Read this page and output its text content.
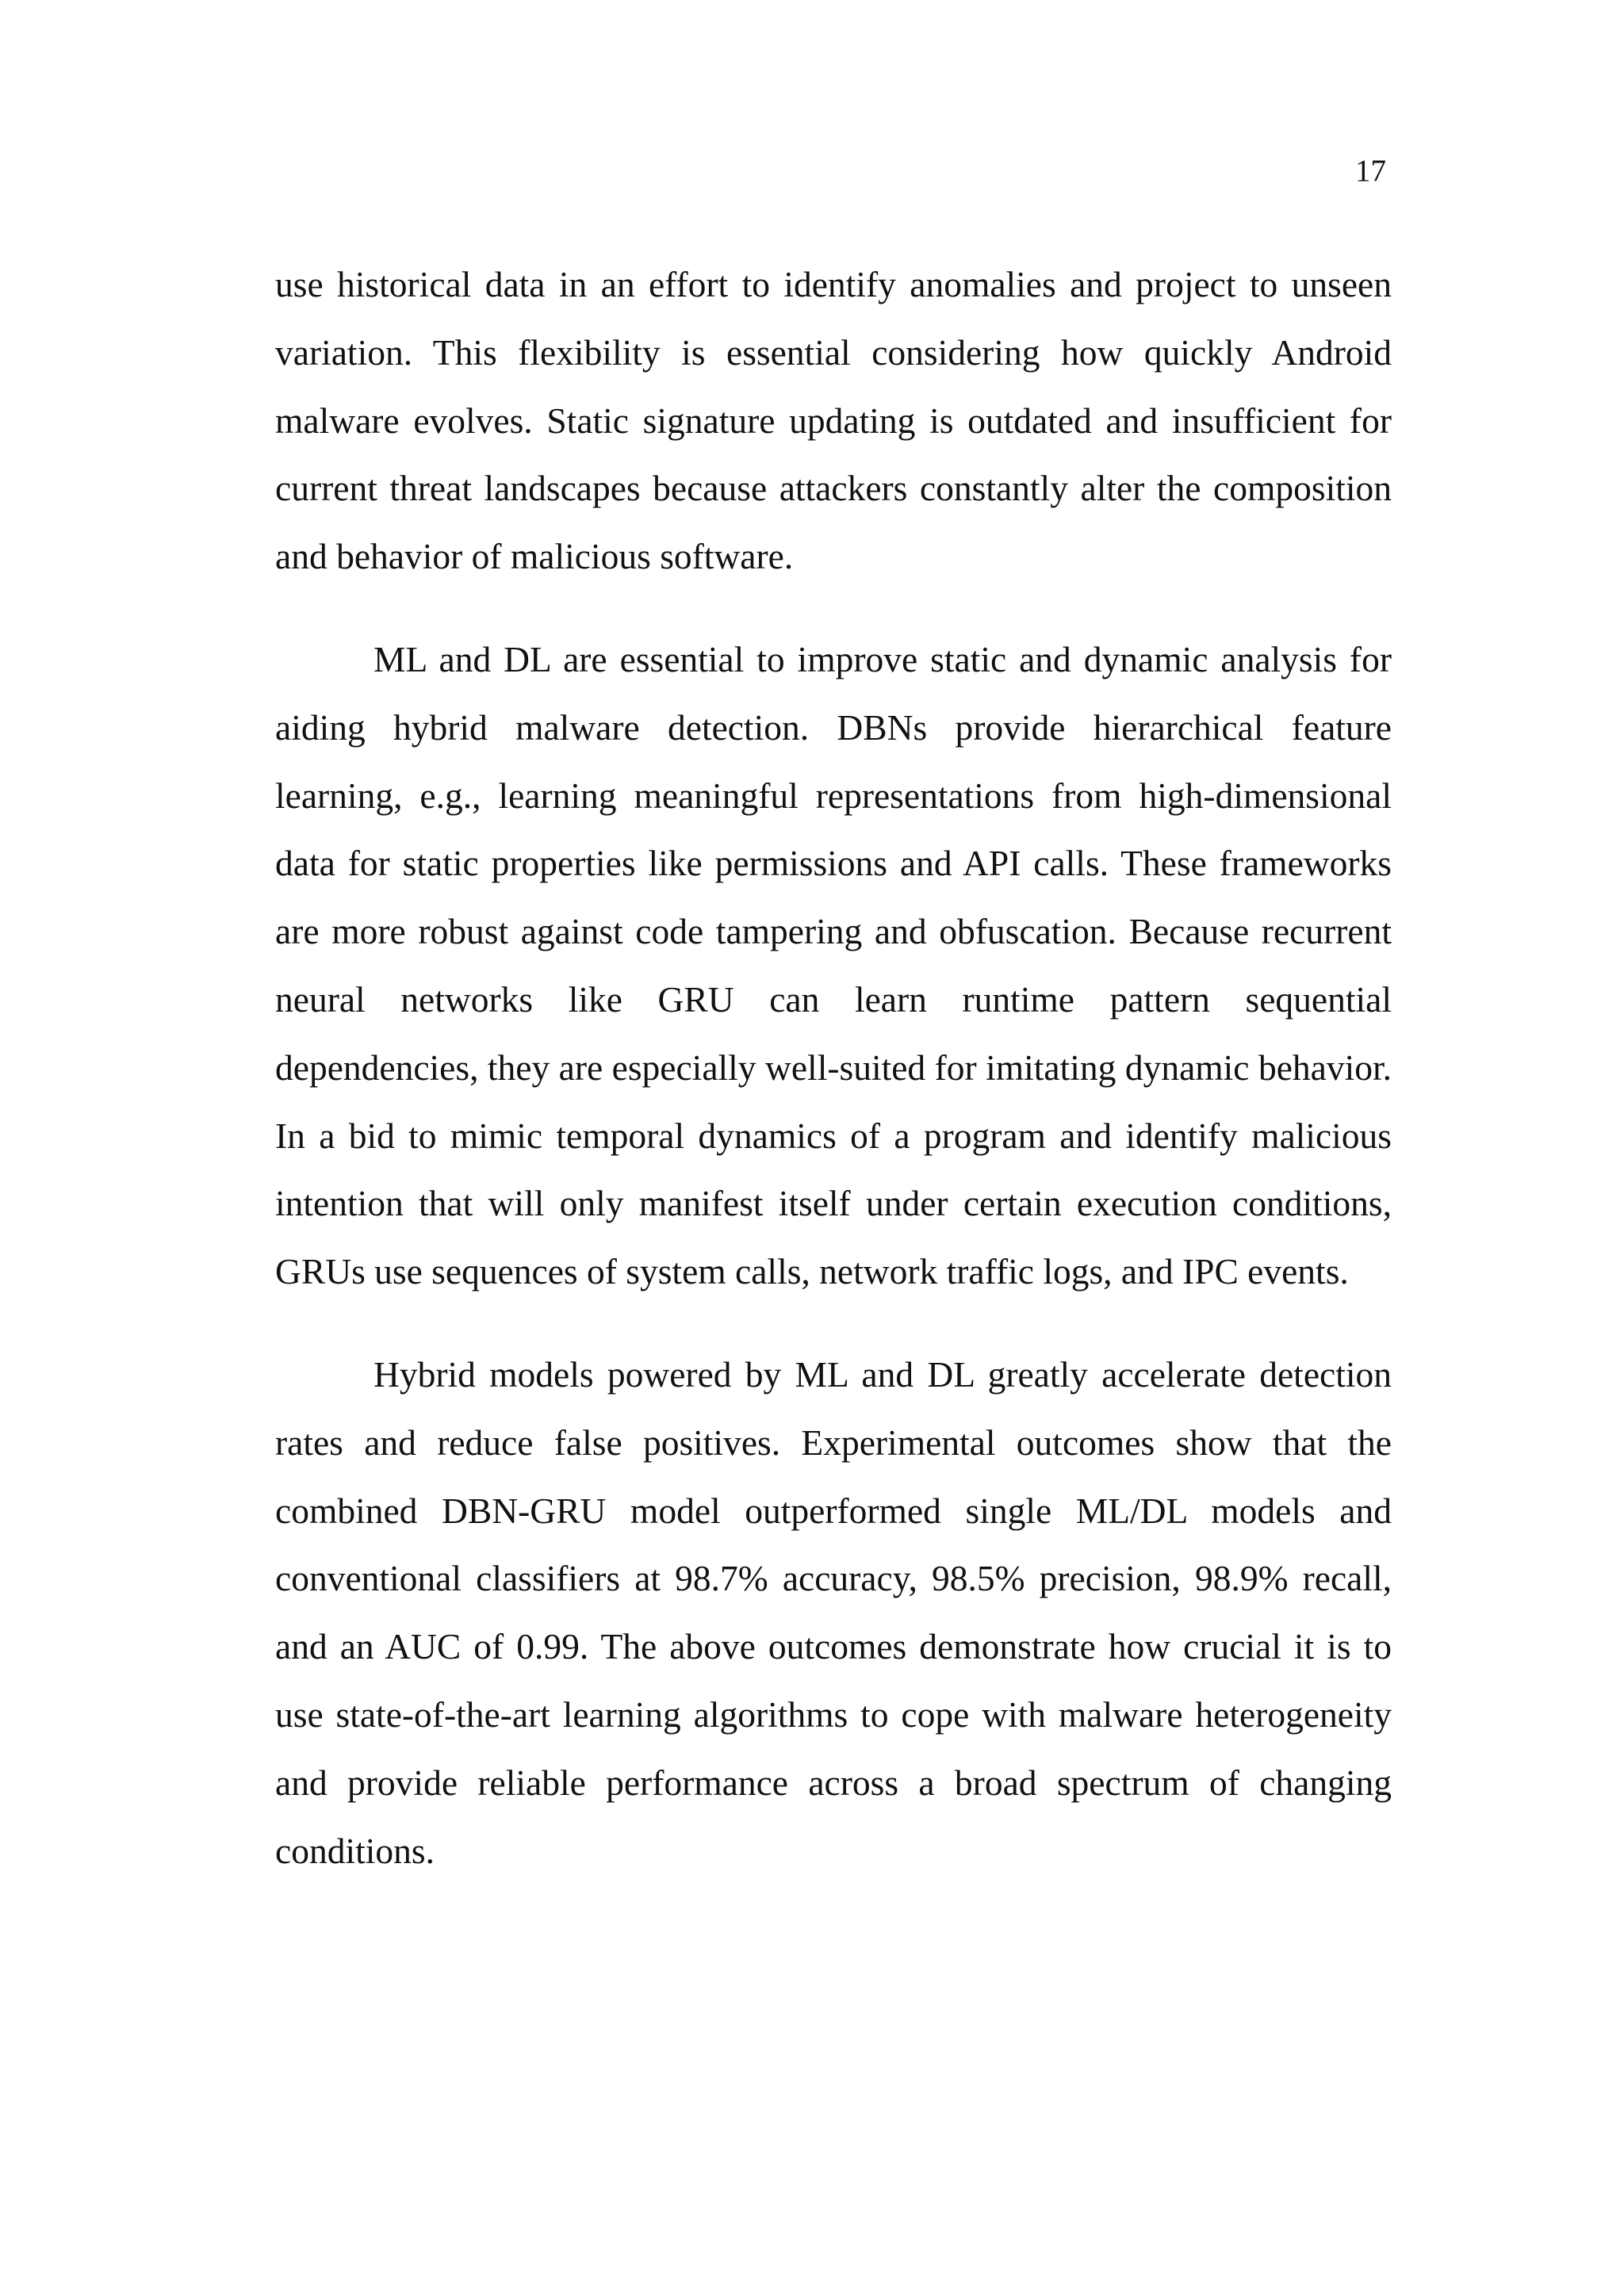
17

use historical data in an effort to identify anomalies and project to unseen variation. This flexibility is essential considering how quickly Android malware evolves. Static signature updating is outdated and insufficient for current threat landscapes because attackers constantly alter the composition and behavior of malicious software.

ML and DL are essential to improve static and dynamic analysis for aiding hybrid malware detection. DBNs provide hierarchical feature learning, e.g., learning meaningful representations from high-dimensional data for static properties like permissions and API calls. These frameworks are more robust against code tampering and obfuscation. Because recurrent neural networks like GRU can learn runtime pattern sequential dependencies, they are especially well-suited for imitating dynamic behavior. In a bid to mimic temporal dynamics of a program and identify malicious intention that will only manifest itself under certain execution conditions, GRUs use sequences of system calls, network traffic logs, and IPC events.

Hybrid models powered by ML and DL greatly accelerate detection rates and reduce false positives. Experimental outcomes show that the combined DBN-GRU model outperformed single ML/DL models and conventional classifiers at 98.7% accuracy, 98.5% precision, 98.9% recall, and an AUC of 0.99. The above outcomes demonstrate how crucial it is to use state-of-the-art learning algorithms to cope with malware heterogeneity and provide reliable performance across a broad spectrum of changing conditions.
